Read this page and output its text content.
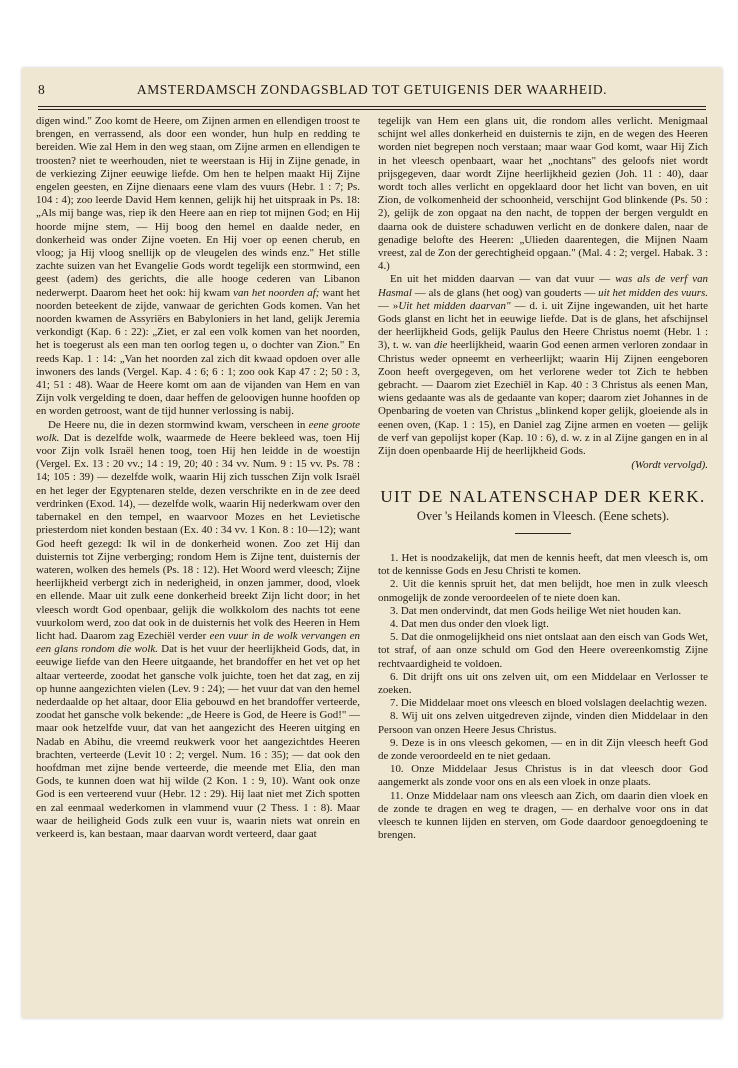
8	AMSTERDAMSCH ZONDAGSBLAD TOT GETUIGENIS DER WAARHEID.

digen wind." Zoo komt de Heere, om Zijnen armen en ellendigen troost te brengen, en verrassend, als door een wonder, hun hulp en redding te bereiden. Wie zal Hem in den weg staan, om Zijne armen en ellendigen te troosten? niet te weerhouden, niet te weerstaan is Hij in Zijne genade, in de verkiezing Zijner eeuwige liefde. Om hen te helpen maakt Hij Zijne engelen geesten, en Zijne dienaars eene vlam des vuurs (Hebr. 1 : 7; Ps. 104 : 4); zoo leerde David Hem kennen, gelijk hij het uitspraak in Ps. 18: „Als mij bange was, riep ik den Heere aan en riep tot mijnen God; en Hij hoorde mijne stem, — Hij boog den hemel en daalde neder, en donkerheid was onder Zijne voeten. En Hij voer op eenen cherub, en vloog; ja Hij vloog snellijk op de vleugelen des winds enz." Het stille zachte suizen van het Evangelie Gods wordt tegelijk een stormwind, een geest (adem) des gerichts, die alle hooge cederen van Libanon nederwerpt. Daarom heet het ook: hij kwam van het noorden af; want het noorden beteekent de zijde, vanwaar de gerichten Gods komen. Van het noorden kwamen de Assyriërs en Babyloniers in het land, gelijk Jeremia verkondigt (Kap. 6 : 22): „Ziet, er zal een volk komen van het noorden, het is toegerust als een man ten oorlog tegen u, o dochter van Zion." En reeds Kap. 1 : 14: „Van het noorden zal zich dit kwaad opdoen over alle inwoners des lands (Vergel. Kap. 4 : 6; 6 : 1; zoo ook Kap 47 : 2; 50 : 3, 41; 51 : 48). Waar de Heere komt om aan de vijanden van Hem en van Zijn volk vergelding te doen, daar heffen de geloovigen hunne hoofden op en worden getroost, want de tijd hunner verlossing is nabij.

De Heere nu, die in dezen stormwind kwam, verscheen in eene groote wolk. Dat is dezelfde wolk, waarmede de Heere bekleed was, toen Hij voor Zijn volk Israël henen toog, toen Hij hen leidde in de woestijn (Vergel. Ex. 13 : 20 vv.; 14 : 19, 20; 40 : 34 vv. Num. 9 : 15 vv. Ps. 78 : 14; 105 : 39) — dezelfde wolk, waarin Hij zich tusschen Zijn volk Israël en het leger der Egyptenaren stelde, dezen verschrikte en in de zee deed verdrinken (Exod. 14), — dezelfde wolk, waarin Hij nederkwam over den tabernakel en den tempel, en waarvoor Mozes en het Levietische priesterdom niet konden bestaan (Ex. 40 : 34 vv. 1 Kon. 8 : 10—12); want God heeft gezegd: Ik wil in de donkerheid wonen. Zoo zet Hij dan duisternis tot Zijne verberging; rondom Hem is Zijne tent, duisternis der wateren, wolken des hemels (Ps. 18 : 12). Het Woord werd vleesch; Zijne heerlijkheid verbergt zich in nederigheid, in onzen jammer, dood, vloek en ellende. Maar uit zulk eene donkerheid breekt Zijn licht door; in het vleesch wordt God openbaar, gelijk die wolkkolom des nachts tot eene vuurkolom werd, zoo dat ook in de duisternis het volk des Heeren in Hem licht had. Daarom zag Ezechiël verder een vuur in de wolk vervangen en een glans rondom die wolk. Dat is het vuur der heerlijkheid Gods, dat, in eeuwige liefde van den Heere uitgaande, het brandoffer en het vet op het altaar verteerde, zoodat het gansche volk juichte, toen het dat zag, en zij op hunne aangezichten vielen (Lev. 9 : 24); — het vuur dat van den hemel nederdaalde op het altaar, door Elia gebouwd en het brandoffer verteerde, zoodat het gansche volk bekende: „de Heere is God, de Heere is God!" — maar ook hetzelfde vuur, dat van het aangezicht des Heeren uitging en Nadab en Abihu, die vreemd reukwerk voor het aangezichtdes Heeren brachten, verteerde (Levit 10 : 2; vergel. Num. 16 : 35); — dat ook den hoofdman met zijne bende verteerde, die meende met Elia, den man Gods, te kunnen doen wat hij wilde (2 Kon. 1 : 9, 10). Want ook onze God is een verteerend vuur (Hebr. 12 : 29). Hij laat niet met Zich spotten en zal eenmaal wederkomen in vlammend vuur (2 Thess. 1 : 8). Maar waar de heiligheid Gods zulk een vuur is, waarin niets wat onrein en verkeerd is, kan bestaan, maar daarvan wordt verteerd, daar gaat

tegelijk van Hem een glans uit, die rondom alles verlicht. Menigmaal schijnt wel alles donkerheid en duisternis te zijn, en de wegen des Heeren worden niet begrepen noch verstaan; maar waar God komt, waar Hij Zich in het vleesch openbaart, waar het „nochtans" des geloofs niet wordt prijsgegeven, daar wordt Zijne heerlijkheid gezien (Joh. 11 : 40), daar wordt toch alles verlicht en opgeklaard door het licht van boven, en uit Zion, de volkomenheid der schoonheid, verschijnt God blinkende (Ps. 50 : 2), gelijk de zon opgaat na den nacht, de toppen der bergen verguldt en daarna ook de duistere schaduwen verlicht en de donkere dalen, naar de genadige belofte des Heeren: „Ulieden daarentegen, die Mijnen Naam vreest, zal de Zon der gerechtigheid opgaan." (Mal. 4 : 2; vergel. Habak. 3 : 4.)

En uit het midden daarvan — van dat vuur — was als de verf van Hasmal — als de glans (het oog) van gouderts — uit het midden des vuurs. — »Uit het midden daarvan" — d. i. uit Zijne ingewanden, uit het harte Gods glanst en licht het in eeuwige liefde. Dat is de glans, het afschijnsel der heerlijkheid Gods, gelijk Paulus den Heere Christus noemt (Hebr. 1 : 3), t. w. van die heerlijkheid, waarin God eenen armen verloren zondaar in Christus weder opneemt en verheerlijkt; waarin Hij Zijnen eengeboren Zoon heeft overgegeven, om het verlorene weder tot Zich te hebben gebracht. — Daarom ziet Ezechiël in Kap. 40 : 3 Christus als eenen Man, wiens gedaante was als de gedaante van koper; daarom ziet Johannes in de Openbaring de voeten van Christus „blinkend koper gelijk, gloeiende als in eenen oven, (Kap. 1 : 15), en Daniel zag Zijne armen en voeten — gelijk de verf van gepolijst koper (Kap. 10 : 6), d. w. z in al Zijne gangen en in al Zijn doen openbaarde Hij de heerlijkheid Gods.

(Wordt vervolgd).
UIT DE NALATENSCHAP DER KERK.
Over 's Heilands komen in Vleesch. (Eene schets).

1. Het is noodzakelijk, dat men de kennis heeft, dat men vleesch is, om tot de kennisse Gods en Jesu Christi te komen.

2. Uit die kennis spruit het, dat men belijdt, hoe men in zulk vleesch onmogelijk de zonde veroordeelen of te niete doen kan.

3. Dat men ondervindt, dat men Gods heilige Wet niet houden kan.

4. Dat men dus onder den vloek ligt.

5. Dat die onmogelijkheid ons niet ontslaat aan den eisch van Gods Wet, tot straf, of aan onze schuld om God den Heere overeenkomstig Zijne rechtvaardigheid te voldoen.

6. Dit drijft ons uit ons zelven uit, om een Middelaar en Verlosser te zoeken.

7. Die Middelaar moet ons vleesch en bloed volslagen deelachtig wezen.

8. Wij uit ons zelven uitgedreven zijnde, vinden dien Middelaar in den Persoon van onzen Heere Jesus Christus.

9. Deze is in ons vleesch gekomen, — en in dit Zijn vleesch heeft God de zonde veroordeeld en te niet gedaan.

10. Onze Middelaar Jesus Christus is in dat vleesch door God aangemerkt als zonde voor ons en als een vloek in onze plaats.

11. Onze Middelaar nam ons vleesch aan Zich, om daarin dien vloek en de zonde te dragen en weg te dragen, — en derhalve voor ons in dat vleesch te kunnen lijden en sterven, om Gode daardoor genoegdoening te brengen.
